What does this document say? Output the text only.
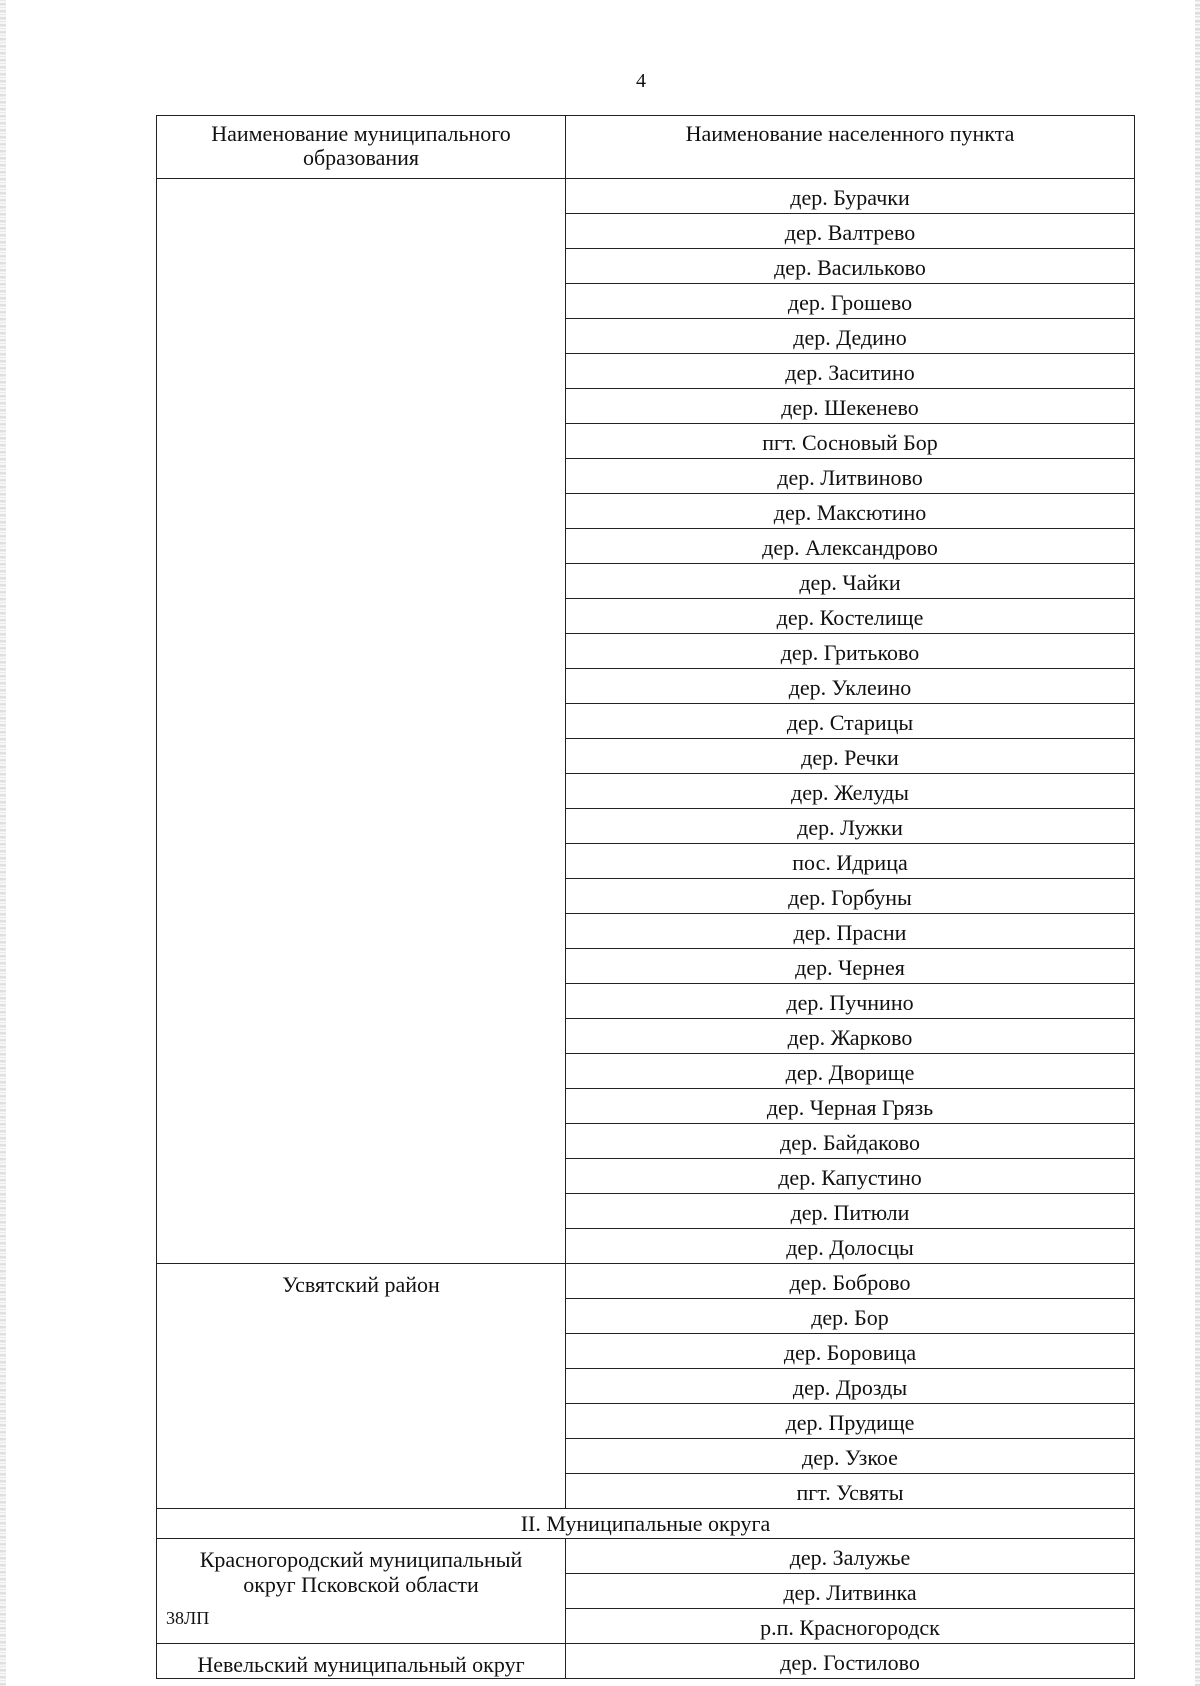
4
Наименование муниципального образования	Наименование населенного пункта
	дер. Бурачки
	дер. Валтрево
	дер. Васильково
	дер. Грошево
	дер. Дедино
	дер. Заситино
	дер. Шекенево
	пгт. Сосновый Бор
	дер. Литвиново
	дер. Максютино
	дер. Александрово
	дер. Чайки
	дер. Костелище
	дер. Гритьково
	дер. Уклеино
	дер. Старицы
	дер. Речки
	дер. Желуды
	дер. Лужки
	пос. Идрица
	дер. Горбуны
	дер. Прасни
	дер. Чернея
	дер. Пучнино
	дер. Жарково
	дер. Дворище
	дер. Черная Грязь
	дер. Байдаково
	дер. Капустино
	дер. Питюли
	дер. Долосцы
Усвятский район	дер. Боброво
	дер. Бор
	дер. Боровица
	дер. Дрозды
	дер. Прудище
	дер. Узкое
	пгт. Усвяты
II. Муниципальные округа	
Красногородский муниципальный округ Псковской области	дер. Залужье
	дер. Литвинка
	р.п. Красногородск
Невельский муниципальный округ	дер. Гостилово
38ЛП
